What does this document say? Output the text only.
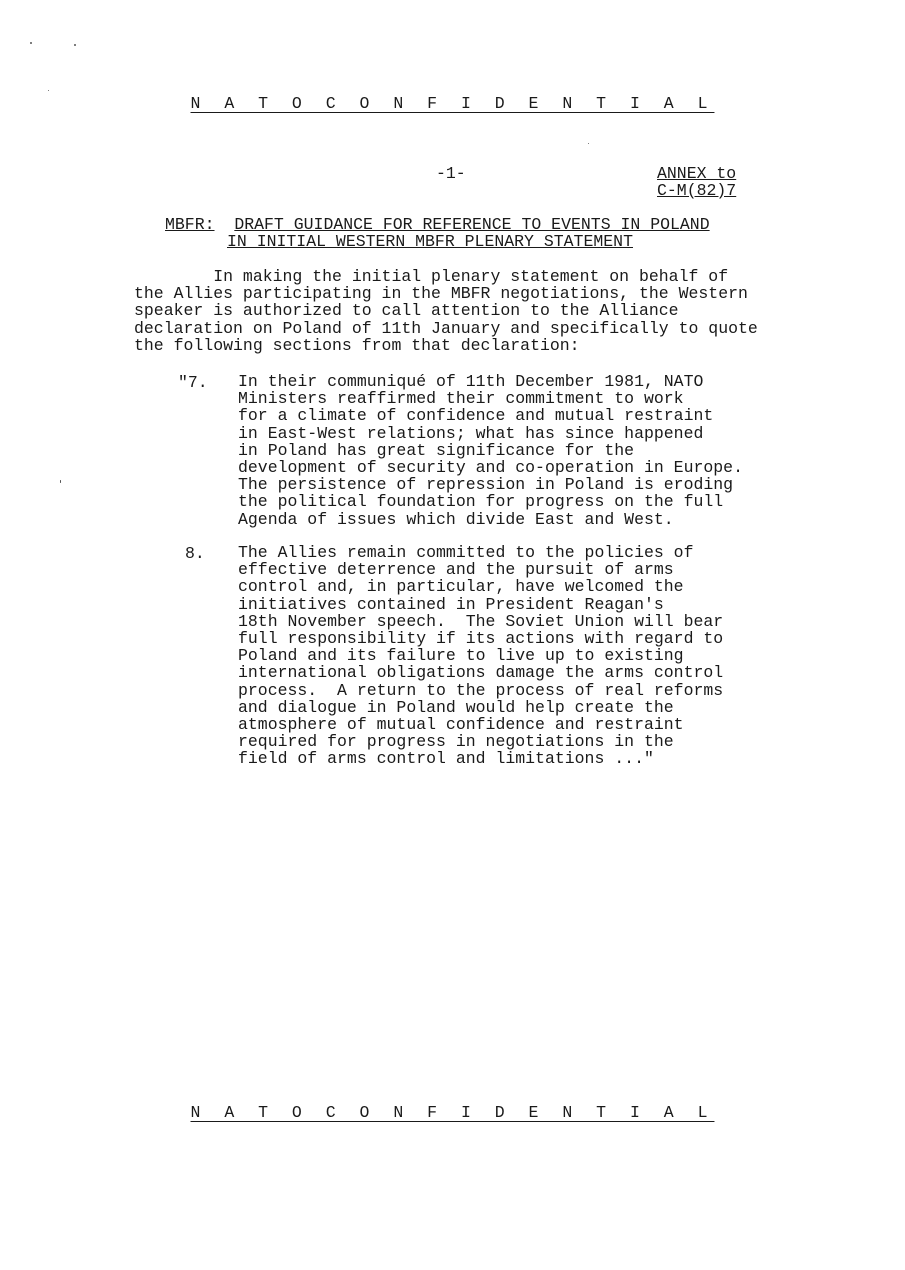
N A T O C O N F I D E N T I A L
-1-	ANNEX to
C-M(82)7
MBFR: DRAFT GUIDANCE FOR REFERENCE TO EVENTS IN POLAND
IN INITIAL WESTERN MBFR PLENARY STATEMENT
In making the initial plenary statement on behalf of
the Allies participating in the MBFR negotiations, the Western
speaker is authorized to call attention to the Alliance
declaration on Poland of 11th January and specifically to quote
the following sections from that declaration:
"7. In their communiqué of 11th December 1981, NATO
Ministers reaffirmed their commitment to work
for a climate of confidence and mutual restraint
in East-West relations; what has since happened
in Poland has great significance for the
development of security and co-operation in Europe.
The persistence of repression in Poland is eroding
the political foundation for progress on the full
Agenda of issues which divide East and West.
8. The Allies remain committed to the policies of
effective deterrence and the pursuit of arms
control and, in particular, have welcomed the
initiatives contained in President Reagan's
18th November speech.  The Soviet Union will bear
full responsibility if its actions with regard to
Poland and its failure to live up to existing
international obligations damage the arms control
process.  A return to the process of real reforms
and dialogue in Poland would help create the
atmosphere of mutual confidence and restraint
required for progress in negotiations in the
field of arms control and limitations ..."
N A T O C O N F I D E N T I A L
